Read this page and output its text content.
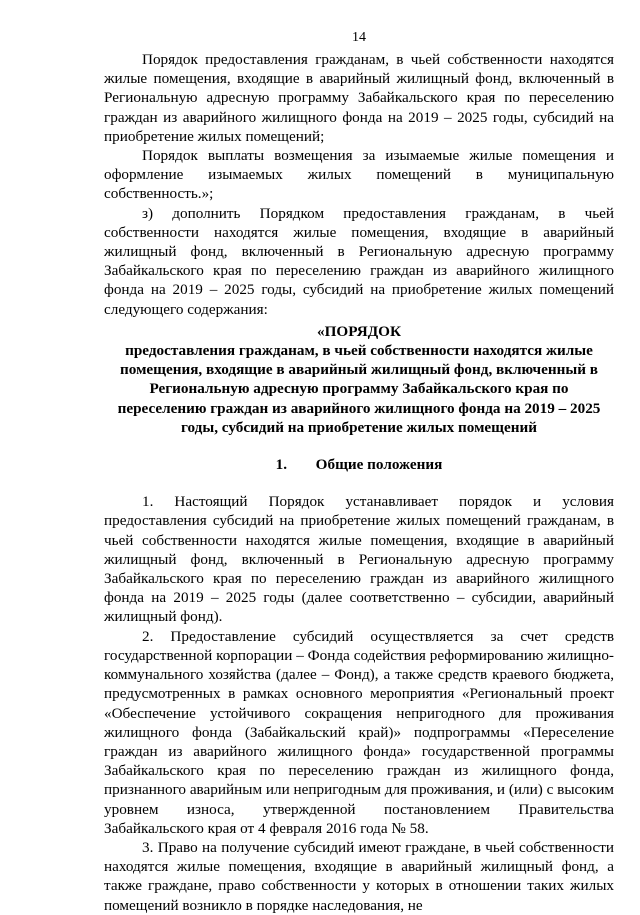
14

Порядок предоставления гражданам, в чьей собственности находятся жилые помещения, входящие в аварийный жилищный фонд, включенный в Региональную адресную программу Забайкальского края по переселению граждан из аварийного жилищного фонда на 2019 – 2025 годы, субсидий на приобретение жилых помещений;

Порядок выплаты возмещения за изымаемые жилые помещения и оформление изымаемых жилых помещений в муниципальную собственность.»;

з) дополнить Порядком предоставления гражданам, в чьей собственности находятся жилые помещения, входящие в аварийный жилищный фонд, включенный в Региональную адресную программу Забайкальского края по переселению граждан из аварийного жилищного фонда на 2019 – 2025 годы, субсидий на приобретение жилых помещений следующего содержания:

«ПОРЯДОК

предоставления гражданам, в чьей собственности находятся жилые помещения, входящие в аварийный жилищный фонд, включенный в Региональную адресную программу Забайкальского края по переселению граждан из аварийного жилищного фонда на 2019 – 2025 годы, субсидий на приобретение жилых помещений

1. Общие положения

1. Настоящий Порядок устанавливает порядок и условия предоставления субсидий на приобретение жилых помещений гражданам, в чьей собственности находятся жилые помещения, входящие в аварийный жилищный фонд, включенный в Региональную адресную программу Забайкальского края по переселению граждан из аварийного жилищного фонда на 2019 – 2025 годы (далее соответственно – субсидии, аварийный жилищный фонд).

2. Предоставление субсидий осуществляется за счет средств государственной корпорации – Фонда содействия реформированию жилищно-коммунального хозяйства (далее – Фонд), а также средств краевого бюджета, предусмотренных в рамках основного мероприятия «Региональный проект «Обеспечение устойчивого сокращения непригодного для проживания жилищного фонда (Забайкальский край)» подпрограммы «Переселение граждан из аварийного жилищного фонда» государственной программы Забайкальского края по переселению граждан из жилищного фонда, признанного аварийным или непригодным для проживания, и (или) с высоким уровнем износа, утвержденной постановлением Правительства Забайкальского края от 4 февраля 2016 года № 58.

3. Право на получение субсидий имеют граждане, в чьей собственности находятся жилые помещения, входящие в аварийный жилищный фонд, а также граждане, право собственности у которых в отношении таких жилых помещений возникло в порядке наследования, не
